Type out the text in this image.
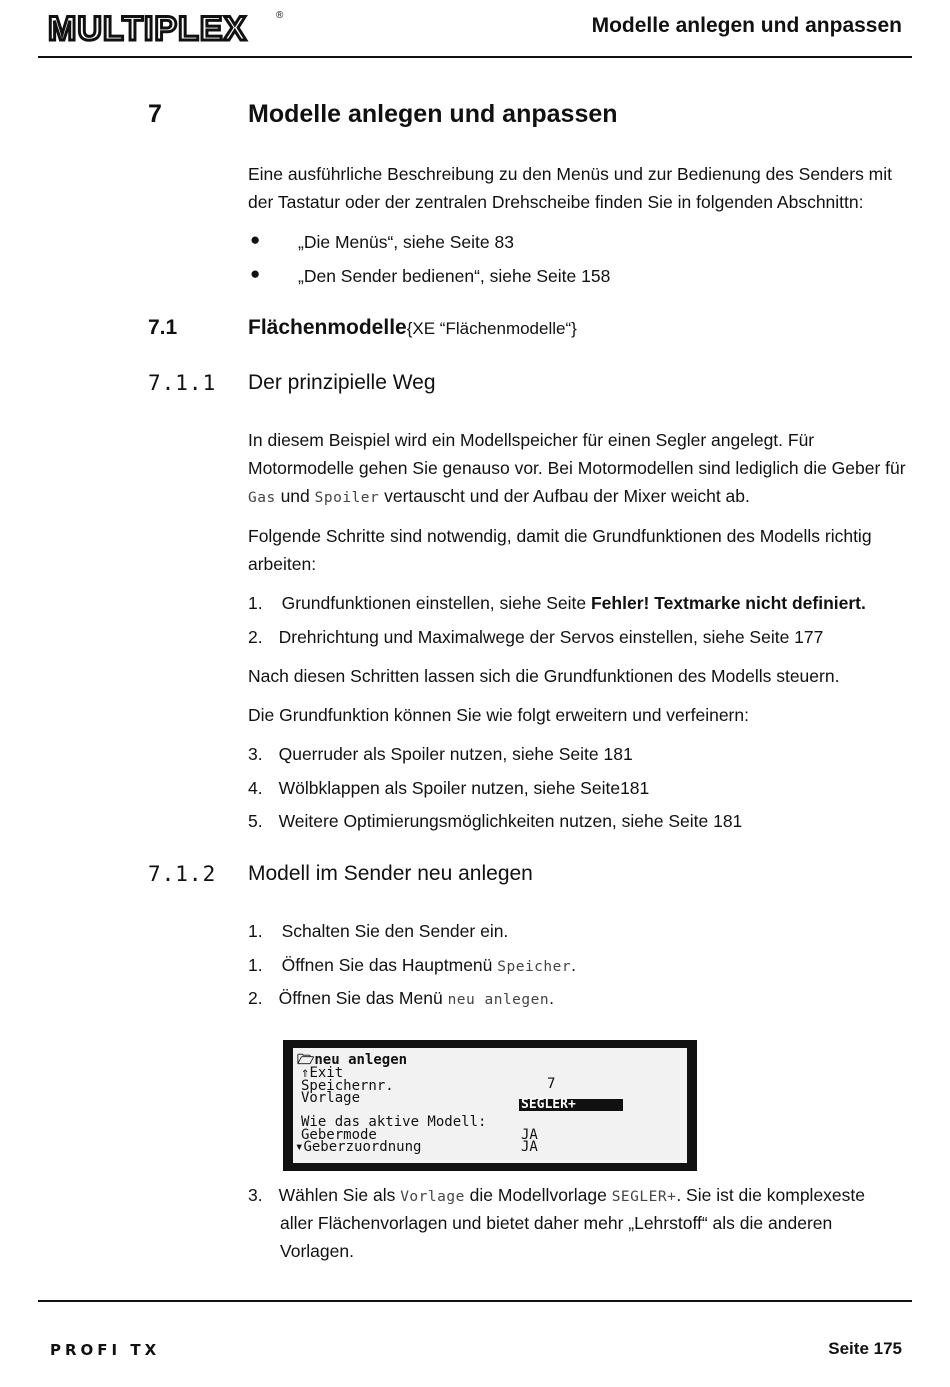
MULTIPLEX	®	Modelle anlegen und anpassen
7	Modelle anlegen und anpassen
Eine ausführliche Beschreibung zu den Menüs und zur Bedienung des Senders mit der Tastatur oder der zentralen Drehscheibe finden Sie in folgenden Abschnittn:
● „Die Menüs“, siehe Seite 83
● „Den Sender bedienen“, siehe Seite 158
7.1	Flächenmodelle{XE “Flächenmodelle“}
7.1.1 Der prinzipielle Weg
In diesem Beispiel wird ein Modellspeicher für einen Segler angelegt. Für Motormodelle gehen Sie genauso vor. Bei Motormodellen sind lediglich die Geber für Gas und Spoiler vertauscht und der Aufbau der Mixer weicht ab.
Folgende Schritte sind notwendig, damit die Grundfunktionen des Modells richtig arbeiten:
1. Grundfunktionen einstellen, siehe Seite Fehler! Textmarke nicht definiert.
2. Drehrichtung und Maximalwege der Servos einstellen, siehe Seite 177
Nach diesen Schritten lassen sich die Grundfunktionen des Modells steuern.
Die Grundfunktion können Sie wie folgt erweitern und verfeinern:
3. Querruder als Spoiler nutzen, siehe Seite 181
4. Wölbklappen als Spoiler nutzen, siehe Seite181
5. Weitere Optimierungsmöglichkeiten nutzen, siehe Seite 181
7.1.2 Modell im Sender neu anlegen
1. Schalten Sie den Sender ein.
1. Öffnen Sie das Hauptmenü Speicher.
2. Öffnen Sie das Menü neu anlegen.
🗁neu anlegen
⇑Exit
Speichernr.	7
Vorlage	SEGLER+
Wie das aktive Modell:
Gebermode	JA
▾Geberzuordnung	JA
3. Wählen Sie als Vorlage die Modellvorlage SEGLER+. Sie ist die komplexeste
aller Flächenvorlagen und bietet daher mehr „Lehrstoff“ als die anderen
Vorlagen.
PROFI TX	Seite 175
